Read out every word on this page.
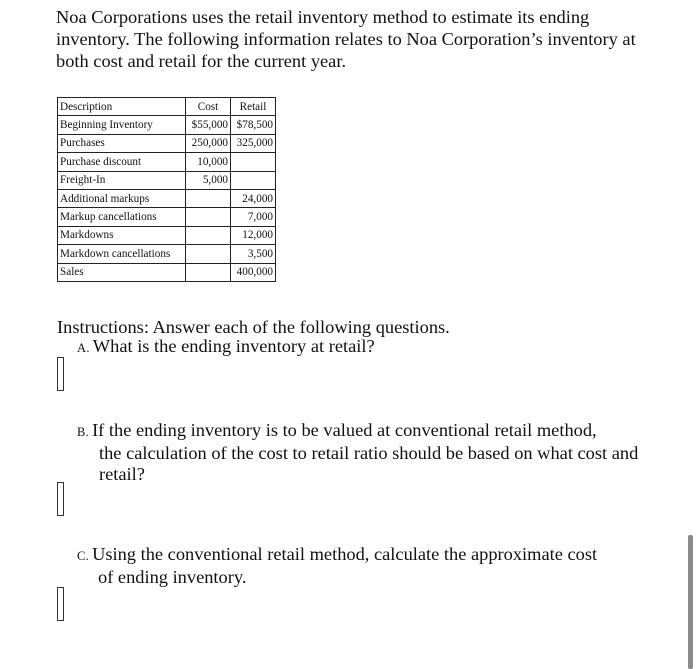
Noa Corporations uses the retail inventory method to estimate its ending inventory. The following information relates to Noa Corporation’s inventory at both cost and retail for the current year.

Description	Cost	Retail
Beginning Inventory	$55,000	$78,500
Purchases	250,000	325,000
Purchase discount	10,000	
Freight-In	5,000	
Additional markups		24,000
Markup cancellations		7,000
Markdowns		12,000
Markdown cancellations		3,500
Sales		400,000

Instructions: Answer each of the following questions.

A. What is the ending inventory at retail?
B. If the ending inventory is to be valued at conventional retail method,
the calculation of the cost to retail ratio should be based on what cost and retail?
C. Using the conventional retail method, calculate the approximate cost
of ending inventory.
